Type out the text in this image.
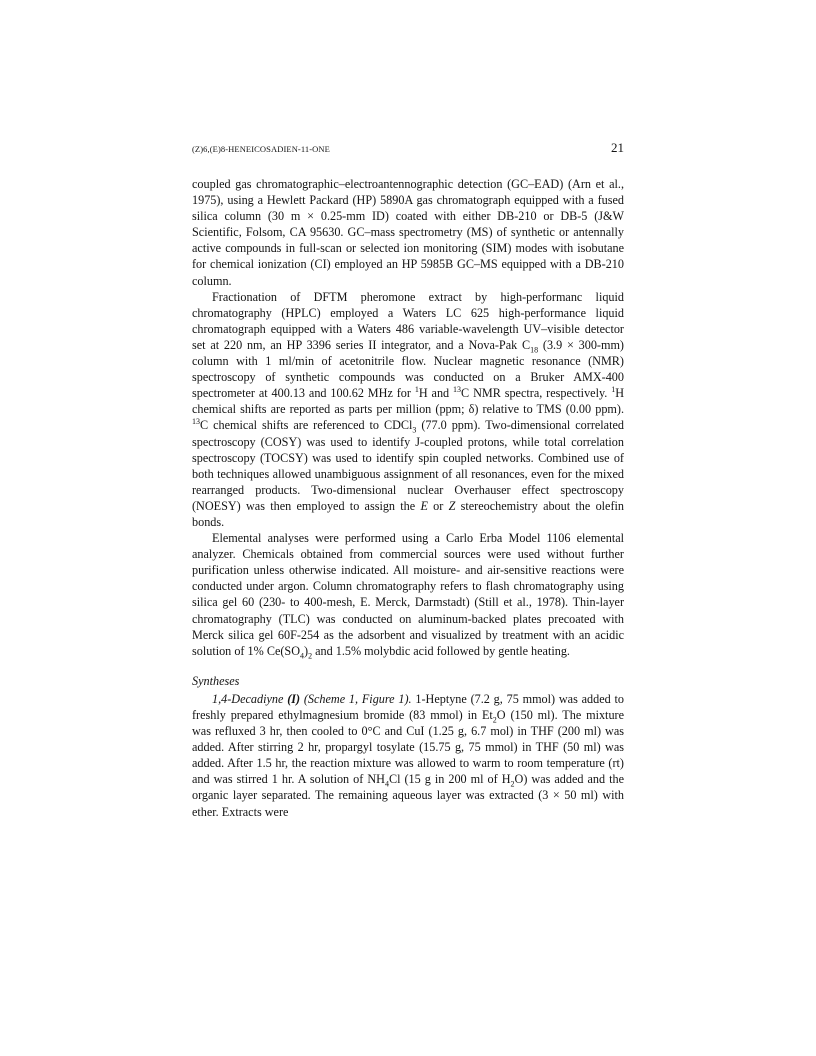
(Z)6,(E)8-HENEICOSADIEN-11-ONE	21

coupled gas chromatographic–electroantennographic detection (GC–EAD) (Arn et al., 1975), using a Hewlett Packard (HP) 5890A gas chromatograph equipped with a fused silica column (30 m × 0.25-mm ID) coated with either DB-210 or DB-5 (J&W Scientific, Folsom, CA 95630. GC–mass spectrometry (MS) of synthetic or antennally active compounds in full-scan or selected ion monitoring (SIM) modes with isobutane for chemical ionization (CI) employed an HP 5985B GC–MS equipped with a DB-210 column.

Fractionation of DFTM pheromone extract by high-performanc liquid chromatography (HPLC) employed a Waters LC 625 high-performance liquid chromatograph equipped with a Waters 486 variable-wavelength UV–visible detector set at 220 nm, an HP 3396 series II integrator, and a Nova-Pak $C_{18}$ (3.9 × 300-mm) column with 1 ml/min of acetonitrile flow. Nuclear magnetic resonance (NMR) spectroscopy of synthetic compounds was conducted on a Bruker AMX-400 spectrometer at 400.13 and 100.62 MHz for $^1$H and $^{13}$C NMR spectra, respectively. $^1$H chemical shifts are reported as parts per million (ppm; δ) relative to TMS (0.00 ppm). $^{13}$C chemical shifts are referenced to CDCl$_3$ (77.0 ppm). Two-dimensional correlated spectroscopy (COSY) was used to identify J-coupled protons, while total correlation spectroscopy (TOCSY) was used to identify spin coupled networks. Combined use of both techniques allowed unambiguous assignment of all resonances, even for the mixed rearranged products. Two-dimensional nuclear Overhauser effect spectroscopy (NOESY) was then employed to assign the E or Z stereochemistry about the olefin bonds.

Elemental analyses were performed using a Carlo Erba Model 1106 elemental analyzer. Chemicals obtained from commercial sources were used without further purification unless otherwise indicated. All moisture- and air-sensitive reactions were conducted under argon. Column chromatography refers to flash chromatography using silica gel 60 (230- to 400-mesh, E. Merck, Darmstadt) (Still et al., 1978). Thin-layer chromatography (TLC) was conducted on aluminum-backed plates precoated with Merck silica gel 60F-254 as the adsorbent and visualized by treatment with an acidic solution of 1% $Ce(SO_4)_2$ and 1.5% molybdic acid followed by gentle heating.

Syntheses

1,4-Decadiyne (I) (Scheme 1, Figure 1). 1-Heptyne (7.2 g, 75 mmol) was added to freshly prepared ethylmagnesium bromide (83 mmol) in $Et_2O$ (150 ml). The mixture was refluxed 3 hr, then cooled to 0°C and CuI (1.25 g, 6.7 mol) in THF (200 ml) was added. After stirring 2 hr, propargyl tosylate (15.75 g, 75 mmol) in THF (50 ml) was added. After 1.5 hr, the reaction mixture was allowed to warm to room temperature (rt) and was stirred 1 hr. A solution of $NH_4Cl$ (15 g in 200 ml of $H_2O$) was added and the organic layer separated. The remaining aqueous layer was extracted (3 × 50 ml) with ether. Extracts were
